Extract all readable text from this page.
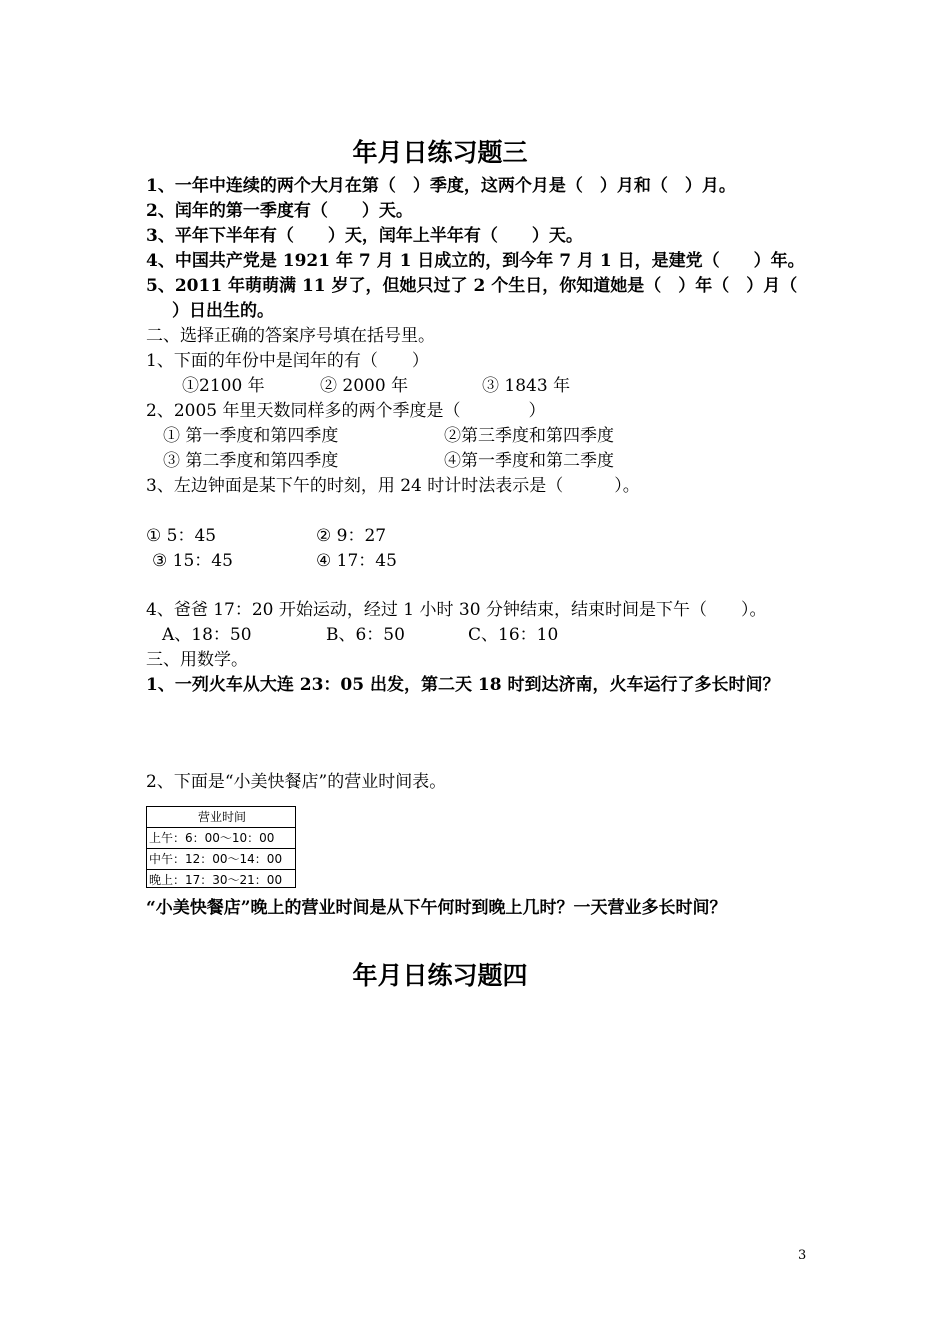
年月日练习题三
1、一年中连续的两个大月在第（　）季度，这两个月是（　）月和（　）月。
2、闰年的第一季度有（　　）天。
3、平年下半年有（　　）天，闰年上半年有（　　）天。
4、中国共产党是 1921 年 7 月 1 日成立的，到今年 7 月 1 日，是建党（　　）年。
5、2011 年萌萌满 11 岁了，但她只过了 2 个生日，你知道她是（　）年（　）月（
）日出生的。
二、选择正确的答案序号填在括号里。
1、下面的年份中是闰年的有（　　）
①2100 年	② 2000 年	③ 1843 年
2、2005 年里天数同样多的两个季度是（　　　　）
① 第一季度和第四季度	②第三季度和第四季度
③ 第二季度和第四季度	④第一季度和第二季度
3、左边钟面是某下午的时刻，用 24 时计时法表示是（　　　）。
① 5：45	② 9：27
③ 15：45	④ 17：45
4、爸爸 17：20 开始运动，经过 1 小时 30 分钟结束，结束时间是下午（　　）。
A、18：50	B、6：50	C、16：10
三、用数学。
1、一列火车从大连 23：05 出发，第二天 18 时到达济南，火车运行了多长时间？
2、下面是“小美快餐店”的营业时间表。
营业时间
上午：6：00～10：00
中午：12：00～14：00
晚上：17：30～21：00
“小美快餐店”晚上的营业时间是从下午何时到晚上几时？一天营业多长时间？
年月日练习题四
3
